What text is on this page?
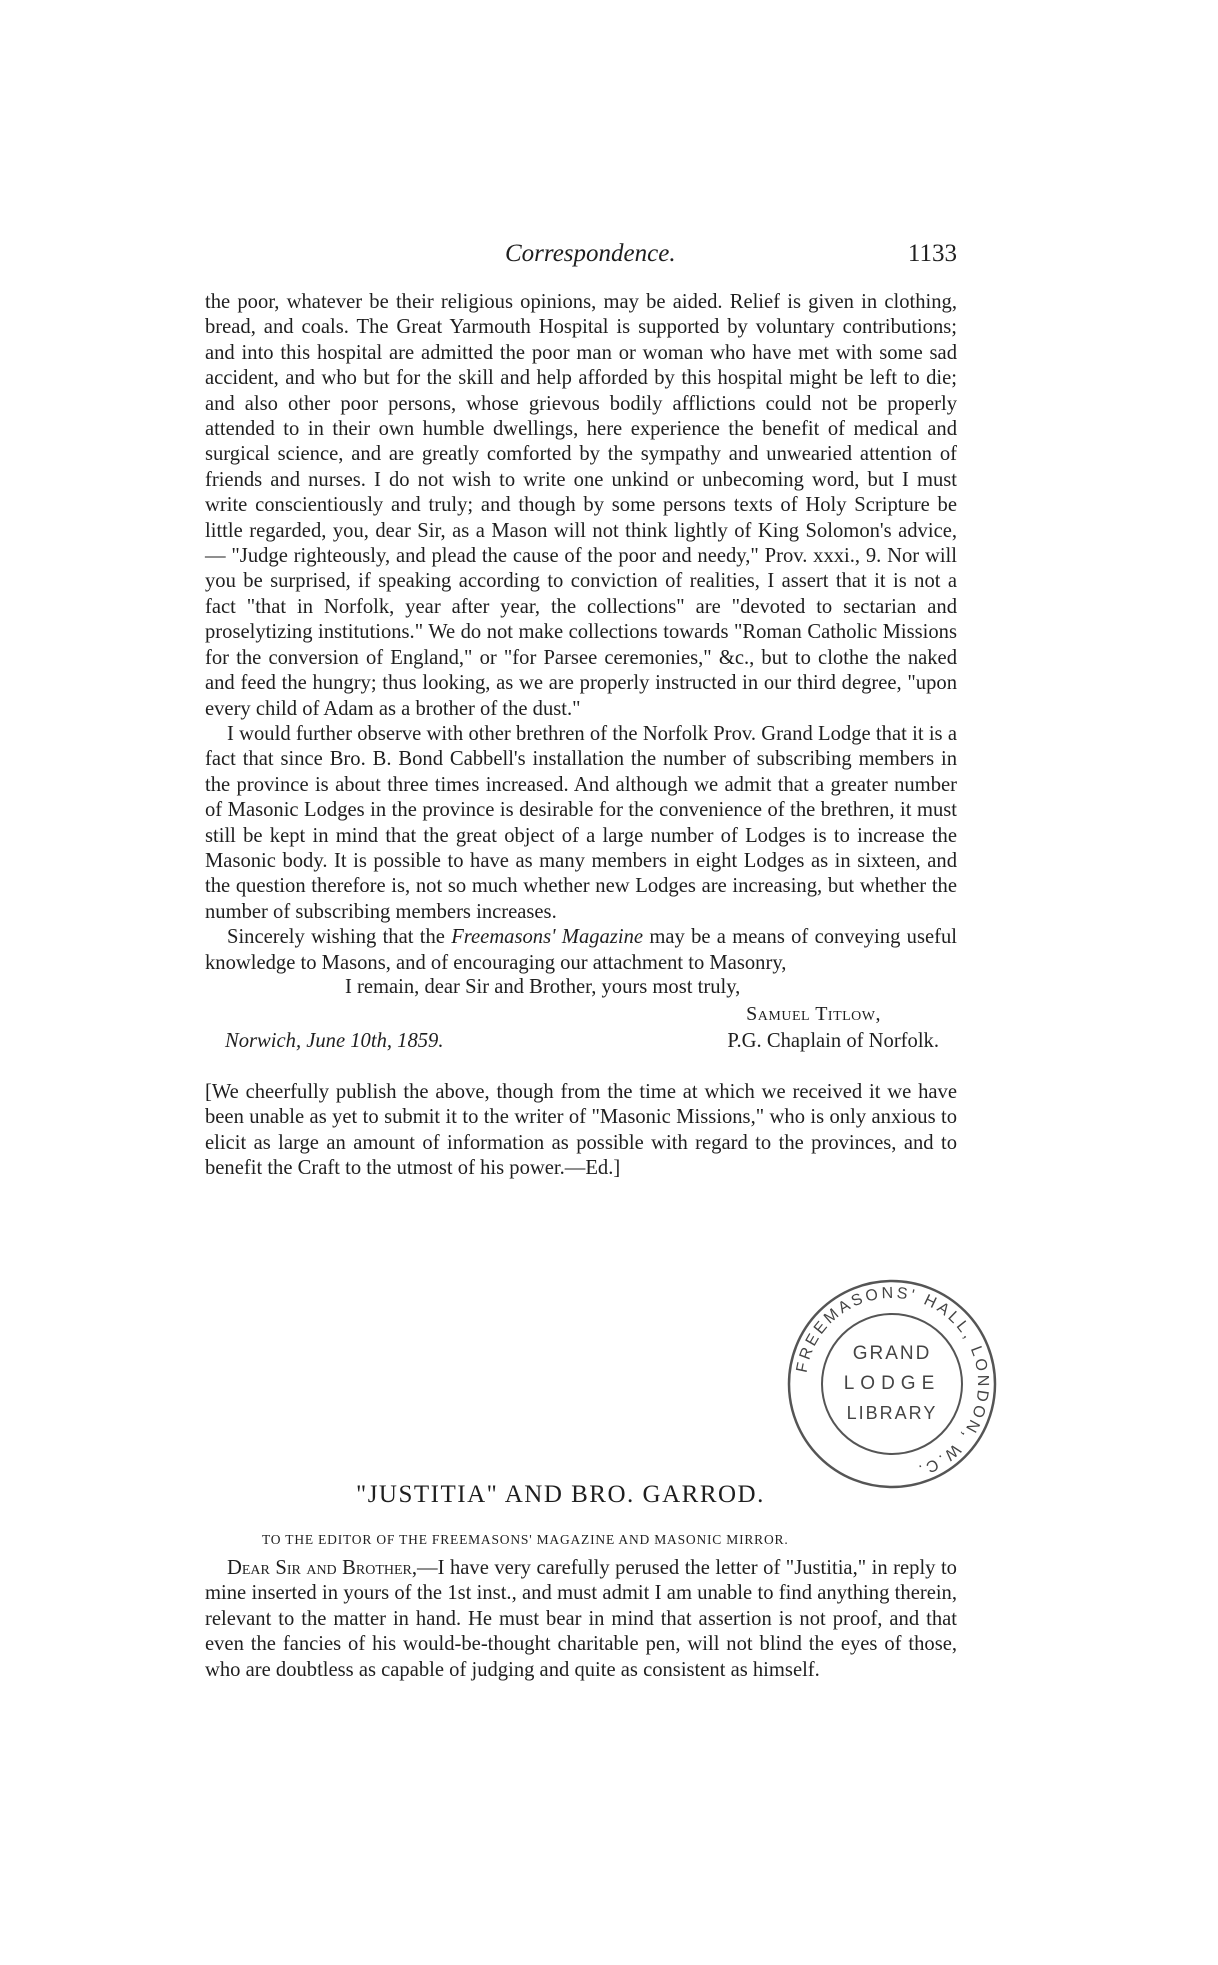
Correspondence.	1133

the poor, whatever be their religious opinions, may be aided. Relief is given in clothing, bread, and coals. The Great Yarmouth Hospital is supported by voluntary contributions; and into this hospital are admitted the poor man or woman who have met with some sad accident, and who but for the skill and help afforded by this hospital might be left to die; and also other poor persons, whose grievous bodily afflictions could not be properly attended to in their own humble dwellings, here experience the benefit of medical and surgical science, and are greatly comforted by the sympathy and unwearied attention of friends and nurses. I do not wish to write one unkind or unbecoming word, but I must write conscientiously and truly; and though by some persons texts of Holy Scripture be little regarded, you, dear Sir, as a Mason will not think lightly of King Solomon's advice,— "Judge righteously, and plead the cause of the poor and needy," Prov. xxxi., 9. Nor will you be surprised, if speaking according to conviction of realities, I assert that it is not a fact "that in Norfolk, year after year, the collections" are "devoted to sectarian and proselytizing institutions." We do not make collections towards "Roman Catholic Missions for the conversion of England," or "for Parsee ceremonies," &c., but to clothe the naked and feed the hungry; thus looking, as we are properly instructed in our third degree, "upon every child of Adam as a brother of the dust."

I would further observe with other brethren of the Norfolk Prov. Grand Lodge that it is a fact that since Bro. B. Bond Cabbell's installation the number of subscribing members in the province is about three times increased. And although we admit that a greater number of Masonic Lodges in the province is desirable for the convenience of the brethren, it must still be kept in mind that the great object of a large number of Lodges is to increase the Masonic body. It is possible to have as many members in eight Lodges as in sixteen, and the question therefore is, not so much whether new Lodges are increasing, but whether the number of subscribing members increases.

Sincerely wishing that the Freemasons' Magazine may be a means of conveying useful knowledge to Masons, and of encouraging our attachment to Masonry,

I remain, dear Sir and Brother, yours most truly,
Samuel Titlow,
Norwich, June 10th, 1859.	P.G. Chaplain of Norfolk.

[We cheerfully publish the above, though from the time at which we received it we have been unable as yet to submit it to the writer of "Masonic Missions," who is only anxious to elicit as large an amount of information as possible with regard to the provinces, and to benefit the Craft to the utmost of his power.—Ed.]

"JUSTITIA" AND BRO. GARROD.
TO THE EDITOR OF THE FREEMASONS' MAGAZINE AND MASONIC MIRROR.

Dear Sir and Brother,—I have very carefully perused the letter of "Justitia," in reply to mine inserted in yours of the 1st inst., and must admit I am unable to find anything therein, relevant to the matter in hand. He must bear in mind that assertion is not proof, and that even the fancies of his would-be-thought charitable pen, will not blind the eyes of those, who are doubtless as capable of judging and quite as consistent as himself.

FREEMASONS' HALL, LONDON, W.C.
GRAND
LODGE
LIBRARY
